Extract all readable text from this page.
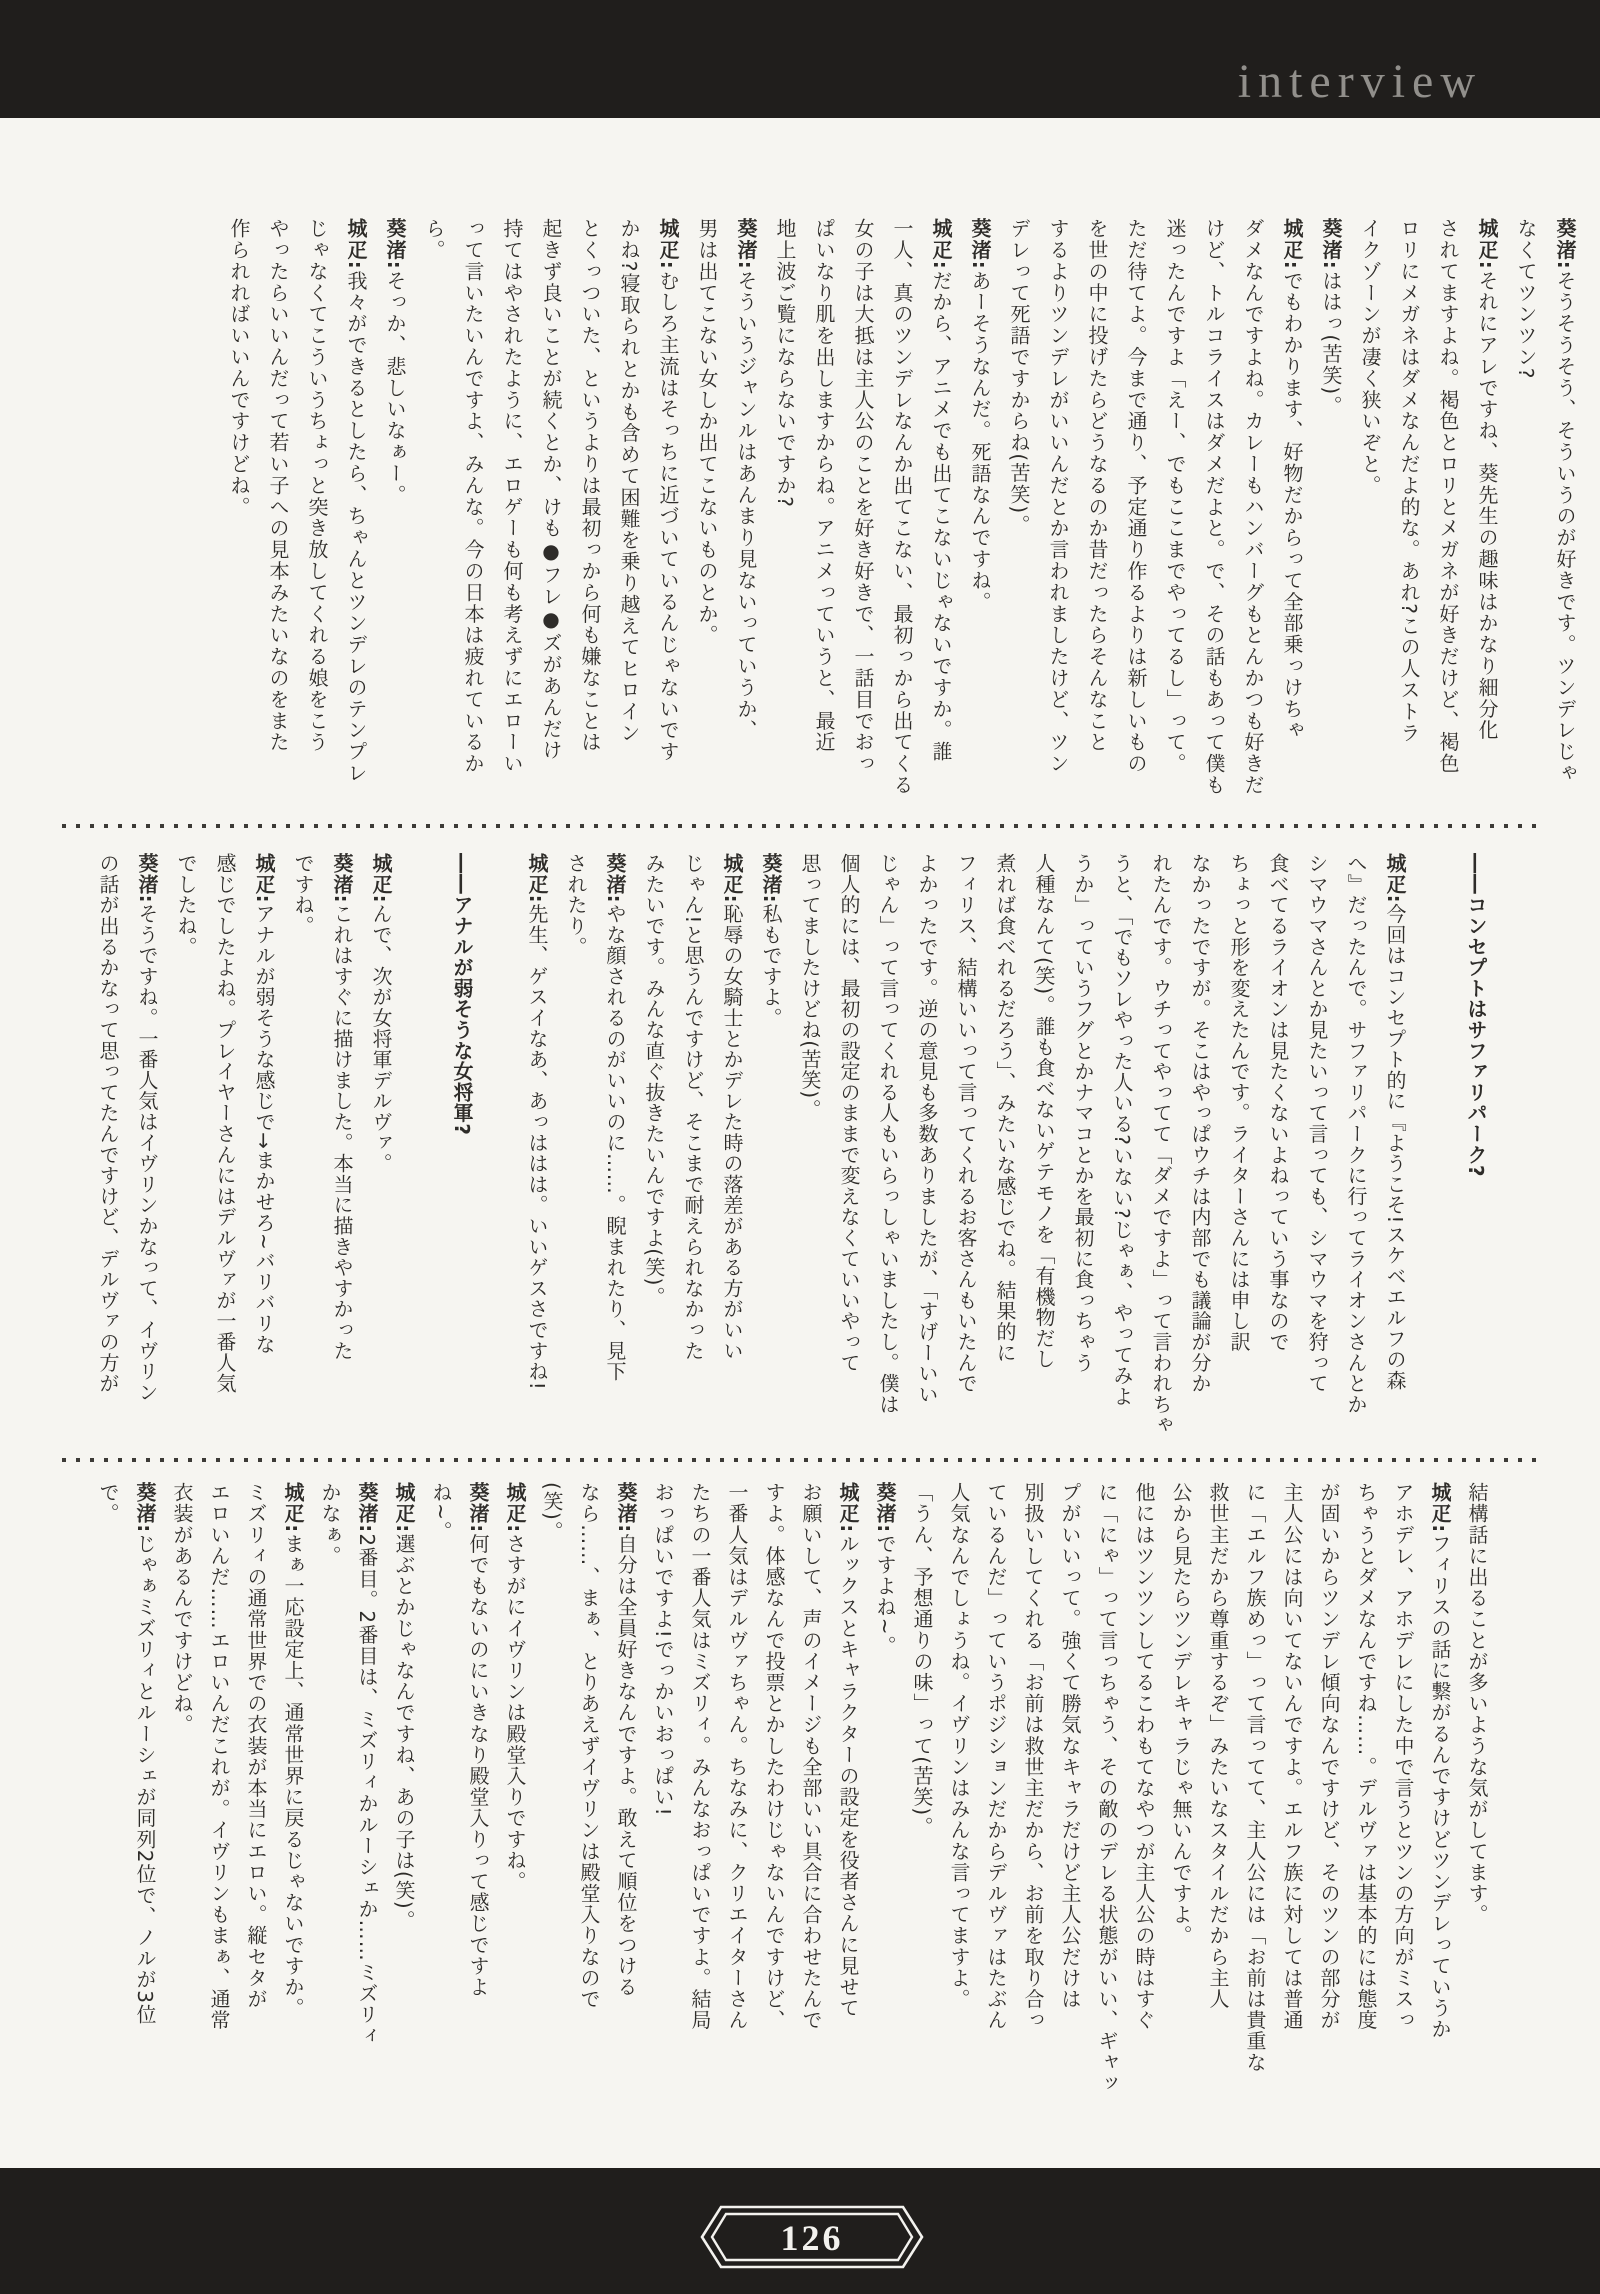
interview

葵渚:そうそうそう、そういうのが好きです。ツンデレじゃ

なくてツンツン?

城疋:それにアレですね、葵先生の趣味はかなり細分化

されてますよね。褐色とロリとメガネが好きだけど、褐色

ロリにメガネはダメなんだよ的な。あれ?この人ストラ

イクゾーンが凄く狭いぞと。

葵渚:ははっ(苦笑)。

城疋:でもわかります、好物だからって全部乗っけちゃ

ダメなんですよね。カレーもハンバーグもとんかつも好きだ

けど、トルコライスはダメだよと。で、その話もあって僕も

迷ったんですよ「えー、でもここまでやってるし」って。

ただ待てよ。今まで通り、予定通り作るよりは新しいもの

を世の中に投げたらどうなるのか昔だったらそんなこと

するよりツンデレがいいんだとか言われましたけど、ツン

デレって死語ですからね(苦笑)。

葵渚:あーそうなんだ。死語なんですね。

城疋:だから、アニメでも出てこないじゃないですか。誰

一人、真のツンデレなんか出てこない、最初っから出てくる

女の子は大抵は主人公のことを好き好きで、一話目でおっ

ぱいなり肌を出しますからね。アニメっていうと、最近

地上波ご覧にならないですか?

葵渚:そういうジャンルはあんまり見ないっていうか、

男は出てこない女しか出てこないものとか。

城疋:むしろ主流はそっちに近づいているんじゃないです

かね?寝取られとかも含めて困難を乗り越えてヒロイン

とくっついた、というよりは最初っから何も嫌なことは

起きず良いことが続くとか、けも●フレ●ズがあんだけ

持てはやされたように、エロゲーも何も考えずにエローい

って言いたいんですよ、みんな。今の日本は疲れているか

ら。

葵渚:そっか、悲しいなぁー。

城疋:我々ができるとしたら、ちゃんとツンデレのテンプレ

じゃなくてこういうちょっと突き放してくれる娘をこう

やったらいいんだって若い子への見本みたいなのをまた

作られればいいんですけどね。

――コンセプトはサファリパーク?

城疋:今回はコンセプト的に『ようこそ!スケベエルフの森

へ』だったんで。サファリパークに行ってライオンさんとか

シマウマさんとか見たいって言っても、シマウマを狩って

食べてるライオンは見たくないよねっていう事なので

ちょっと形を変えたんです。ライターさんには申し訳

なかったですが。そこはやっぱウチは内部でも議論が分か

れたんです。ウチってやってて「ダメですよ」って言われちゃ

うと、「でもソレやった人いる?いない?じゃぁ、やってみよ

うか」っていうフグとかナマコとかを最初に食っちゃう

人種なんて(笑)。誰も食べないゲテモノを「有機物だし

煮れば食べれるだろう」、みたいな感じでね。結果的に

フィリス、結構いいって言ってくれるお客さんもいたんで

よかったです。逆の意見も多数ありましたが、「すげーいい

じゃん」って言ってくれる人もいらっしゃいましたし。僕は

個人的には、最初の設定のままで変えなくていいやって

思ってましたけどね(苦笑)。

葵渚:私もですよ。

城疋:恥辱の女騎士とかデレた時の落差がある方がいい

じゃん!と思うんですけど、そこまで耐えられなかった

みたいです。みんな直ぐ抜きたいんですよ(笑)。

葵渚:やな顔されるのがいいのに……。睨まれたり、見下

されたり。

城疋:先生、ゲスイなあ、あっははは。いいゲスさですね!

――アナルが弱そうな女将軍?

城疋:んで、次が女将軍デルヴァ。

葵渚:これはすぐに描けました。本当に描きやすかった

ですね。

城疋:アナルが弱そうな感じで→まかせろ~バリバリな

感じでしたよね。プレイヤーさんにはデルヴァが一番人気

でしたね。

葵渚:そうですね。一番人気はイヴリンかなって、イヴリン

の話が出るかなって思ってたんですけど、デルヴァの方が

結構話に出ることが多いような気がしてます。

城疋:フィリスの話に繋がるんですけどツンデレっていうか

アホデレ、アホデレにした中で言うとツンの方向がミスっ

ちゃうとダメなんですね……。デルヴァは基本的には態度

が固いからツンデレ傾向なんですけど、そのツンの部分が

主人公には向いてないんですよ。エルフ族に対しては普通

に「エルフ族めっ」って言ってて、主人公には「お前は貴重な

救世主だから尊重するぞ」みたいなスタイルだから主人

公から見たらツンデレキャラじゃ無いんですよ。

他にはツンツンしてるこわもてなやつが主人公の時はすぐ

に「にゃ」って言っちゃう、その敵のデレる状態がいい、ギャッ

プがいいって。強くて勝気なキャラだけど主人公だけは

別扱いしてくれる「お前は救世主だから、お前を取り合っ

ているんだ」っていうポジションだからデルヴァはたぶん

人気なんでしょうね。イヴリンはみんな言ってますよ。

「うん、予想通りの味」って(苦笑)。

葵渚:ですよね~。

城疋:ルックスとキャラクターの設定を役者さんに見せて

お願いして、声のイメージも全部いい具合に合わせたんで

すよ。体感なんで投票とかしたわけじゃないんですけど、

一番人気はデルヴァちゃん。ちなみに、クリエイターさん

たちの一番人気はミズリィ。みんなおっぱいですよ。結局

おっぱいですよ!でっかいおっぱい!

葵渚:自分は全員好きなんですよ。敢えて順位をつける

なら……、まぁ、とりあえずイヴリンは殿堂入りなので

(笑)。

城疋:さすがにイヴリンは殿堂入りですね。

葵渚:何でもないのにいきなり殿堂入りって感じですよ

ね~。

城疋:選ぶとかじゃなんですね、あの子は(笑)。

葵渚:2番目。2番目は、ミズリィかルーシェか……ミズリィ

かなぁ。

城疋:まぁ一応設定上、通常世界に戻るじゃないですか。

ミズリィの通常世界での衣装が本当にエロい。縦セタが

エロいんだ……エロいんだこれが。イヴリンもまぁ、通常

衣装があるんですけどね。

葵渚:じゃぁミズリィとルーシェが同列2位で、ノルが3位

で。

126
